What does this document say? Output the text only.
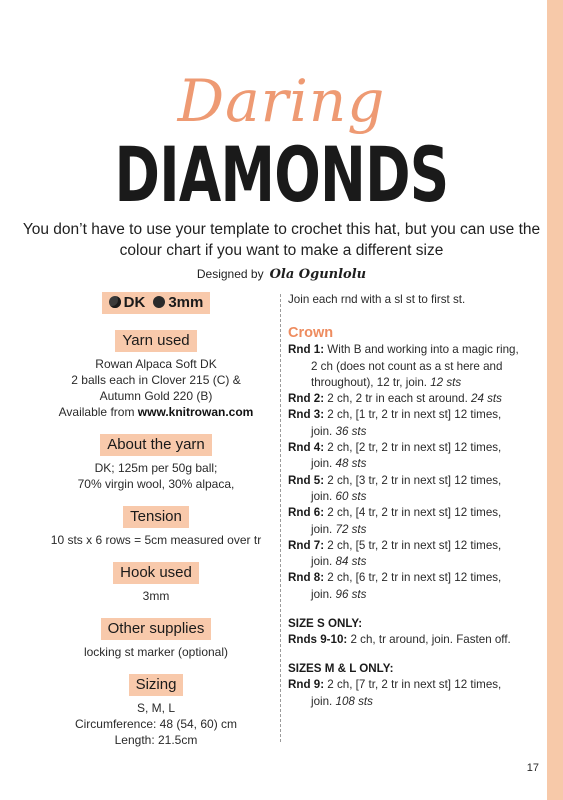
Daring
DIAMONDS
You don’t have to use your template to crochet this hat, but you can use the colour chart if you want to make a different size
Designed by Ola Ogunlolu
DK 3mm
Yarn used
Rowan Alpaca Soft DK
2 balls each in Clover 215 (C) &
Autumn Gold 220 (B)
Available from www.knitrowan.com
About the yarn
DK; 125m per 50g ball;
70% virgin wool, 30% alpaca,
Tension
10 sts x 6 rows = 5cm measured over tr
Hook used
3mm
Other supplies
locking st marker (optional)
Sizing
S, M, L
Circumference: 48 (54, 60) cm
Length: 21.5cm
Join each rnd with a sl st to first st.
Crown
Rnd 1: With B and working into a magic ring,
2 ch (does not count as a st here and
throughout), 12 tr, join. 12 sts
Rnd 2: 2 ch, 2 tr in each st around. 24 sts
Rnd 3: 2 ch, [1 tr, 2 tr in next st] 12 times,
join. 36 sts
Rnd 4: 2 ch, [2 tr, 2 tr in next st] 12 times,
join. 48 sts
Rnd 5: 2 ch, [3 tr, 2 tr in next st] 12 times,
join. 60 sts
Rnd 6: 2 ch, [4 tr, 2 tr in next st] 12 times,
join. 72 sts
Rnd 7: 2 ch, [5 tr, 2 tr in next st] 12 times,
join. 84 sts
Rnd 8: 2 ch, [6 tr, 2 tr in next st] 12 times,
join. 96 sts
SIZE S ONLY:
Rnds 9-10: 2 ch, tr around, join. Fasten off.
SIZES M & L ONLY:
Rnd 9: 2 ch, [7 tr, 2 tr in next st] 12 times,
join. 108 sts
17
